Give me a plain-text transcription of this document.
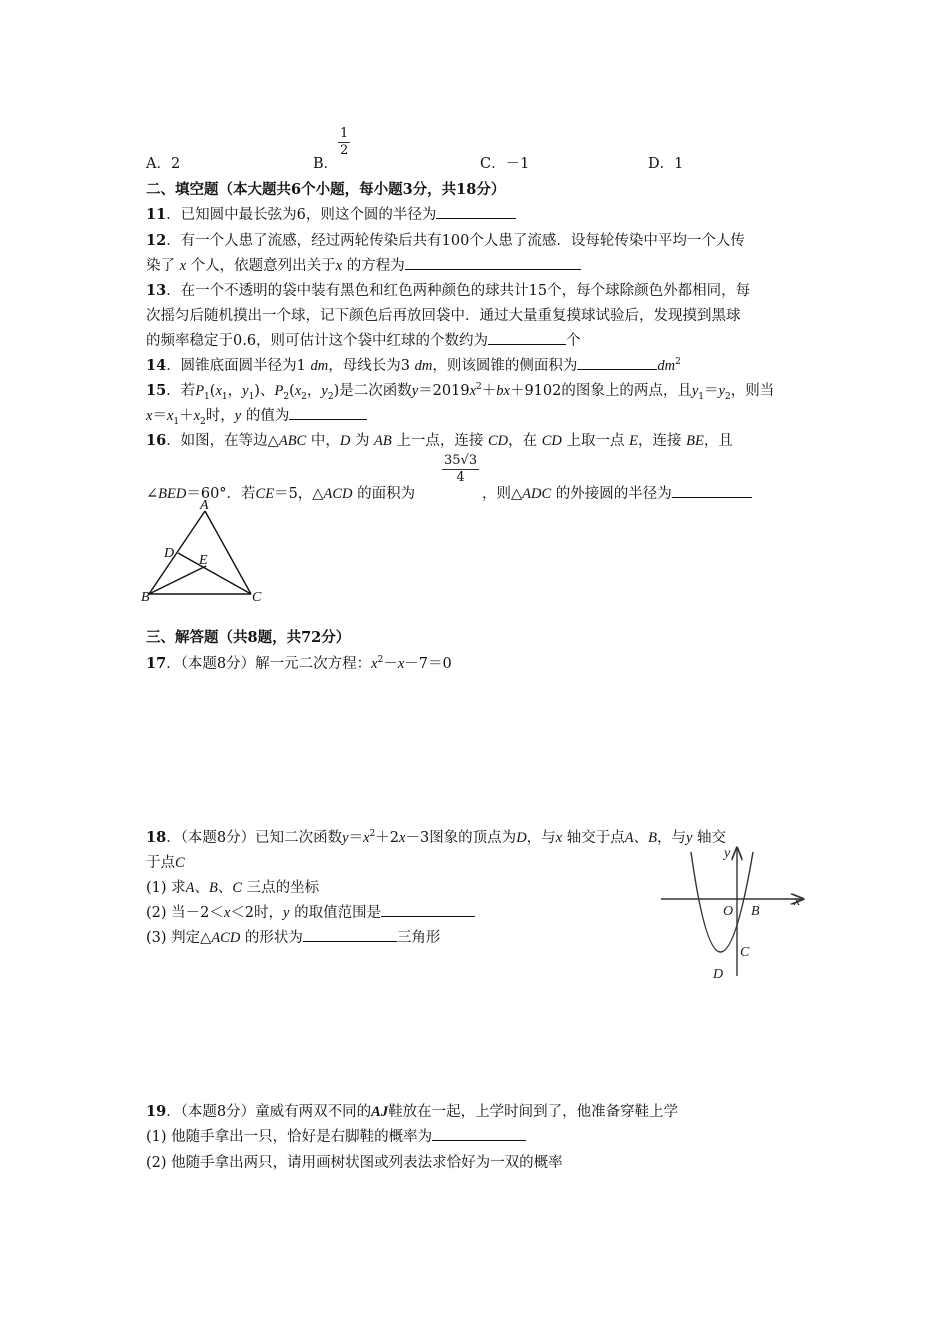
A．2	B．
$\frac{1}{2}$
C．－1	D．1
二、填空题（本大题共6个小题，每小题3分，共18分）
11．已知圆中最长弦为6，则这个圆的半径为
12．有一个人患了流感，经过两轮传染后共有100个人患了流感．设每轮传染中平均一个人传
染了 x 个人，依题意列出关于x 的方程为
13．在一个不透明的袋中装有黑色和红色两种颜色的球共计15个，每个球除颜色外都相同，每
次摇匀后随机摸出一个球，记下颜色后再放回袋中．通过大量重复摸球试验后，发现摸到黑球
的频率稳定于0.6，则可估计这个袋中红球的个数约为	个
14．圆锥底面圆半径为1 dm，母线长为3 dm，则该圆锥的侧面积为	$dm^2$
15．若$P_1(x_1$，$y_1$)、$P_2(x_2$，$y_2$)是二次函数$y=2019x^2+bx+9102$的图象上的两点，且$y_1=y_2$，则当
$x=x_1+x_2$时，y 的值为
16．如图，在等边△ABC 中，D 为 AB 上一点，连接 CD，在 CD 上取一点 E，连接 BE，且
∠BED＝60°．若CE＝5，△ACD 的面积为
$\frac{35√3}{4}$
，则△ADC 的外接圆的半径为
A
B	C
D E
三、解答题（共8题，共72分）
17．（本题8分）解一元二次方程：$x^2-x-7=0$
18．（本题8分）已知二次函数$y=x^2+2x-3$图象的顶点为D，与x 轴交于点A、B，与y 轴交
于点C
(1) 求A、B、C 三点的坐标
(2) 当－2＜x＜2时，y 的取值范围是
(3) 判定△ACD 的形状为	三角形
y
x
O B
C
D
19．（本题8分）童威有两双不同的AJ鞋放在一起，上学时间到了，他准备穿鞋上学
(1) 他随手拿出一只，恰好是右脚鞋的概率为
(2) 他随手拿出两只，请用画树状图或列表法求恰好为一双的概率
